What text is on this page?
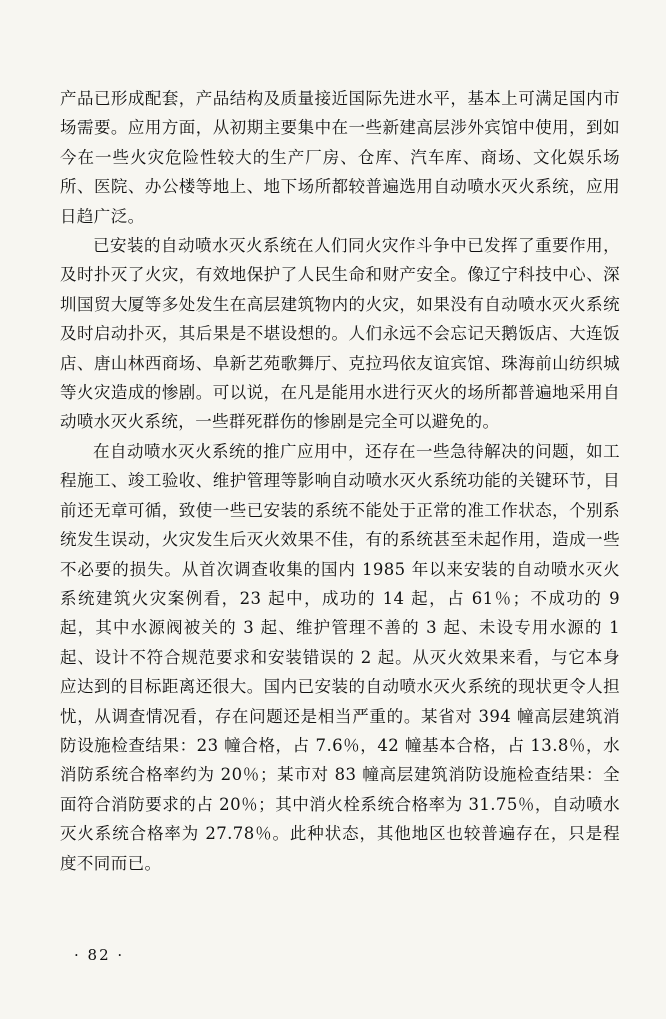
产品已形成配套，产品结构及质量接近国际先进水平，基本上可满足国内市场需要。应用方面，从初期主要集中在一些新建高层涉外宾馆中使用，到如今在一些火灾危险性较大的生产厂房、仓库、汽车库、商场、文化娱乐场所、医院、办公楼等地上、地下场所都较普遍选用自动喷水灭火系统，应用日趋广泛。

已安装的自动喷水灭火系统在人们同火灾作斗争中已发挥了重要作用，及时扑灭了火灾，有效地保护了人民生命和财产安全。像辽宁科技中心、深圳国贸大厦等多处发生在高层建筑物内的火灾，如果没有自动喷水灭火系统及时启动扑灭，其后果是不堪设想的。人们永远不会忘记天鹅饭店、大连饭店、唐山林西商场、阜新艺苑歌舞厅、克拉玛依友谊宾馆、珠海前山纺织城等火灾造成的惨剧。可以说，在凡是能用水进行灭火的场所都普遍地采用自动喷水灭火系统，一些群死群伤的惨剧是完全可以避免的。

在自动喷水灭火系统的推广应用中，还存在一些急待解决的问题，如工程施工、竣工验收、维护管理等影响自动喷水灭火系统功能的关键环节，目前还无章可循，致使一些已安装的系统不能处于正常的准工作状态，个别系统发生误动，火灾发生后灭火效果不佳，有的系统甚至未起作用，造成一些不必要的损失。从首次调查收集的国内 1985 年以来安装的自动喷水灭火系统建筑火灾案例看，23 起中，成功的 14 起，占 61％；不成功的 9 起，其中水源阀被关的 3 起、维护管理不善的 3 起、未设专用水源的 1 起、设计不符合规范要求和安装错误的 2 起。从灭火效果来看，与它本身应达到的目标距离还很大。国内已安装的自动喷水灭火系统的现状更令人担忧，从调查情况看，存在问题还是相当严重的。某省对 394 幢高层建筑消防设施检查结果：23 幢合格，占 7.6％，42 幢基本合格，占 13.8％，水消防系统合格率约为 20％；某市对 83 幢高层建筑消防设施检查结果：全面符合消防要求的占 20％；其中消火栓系统合格率为 31.75％，自动喷水灭火系统合格率为 27.78％。此种状态，其他地区也较普遍存在，只是程度不同而已。

· 82 ·
